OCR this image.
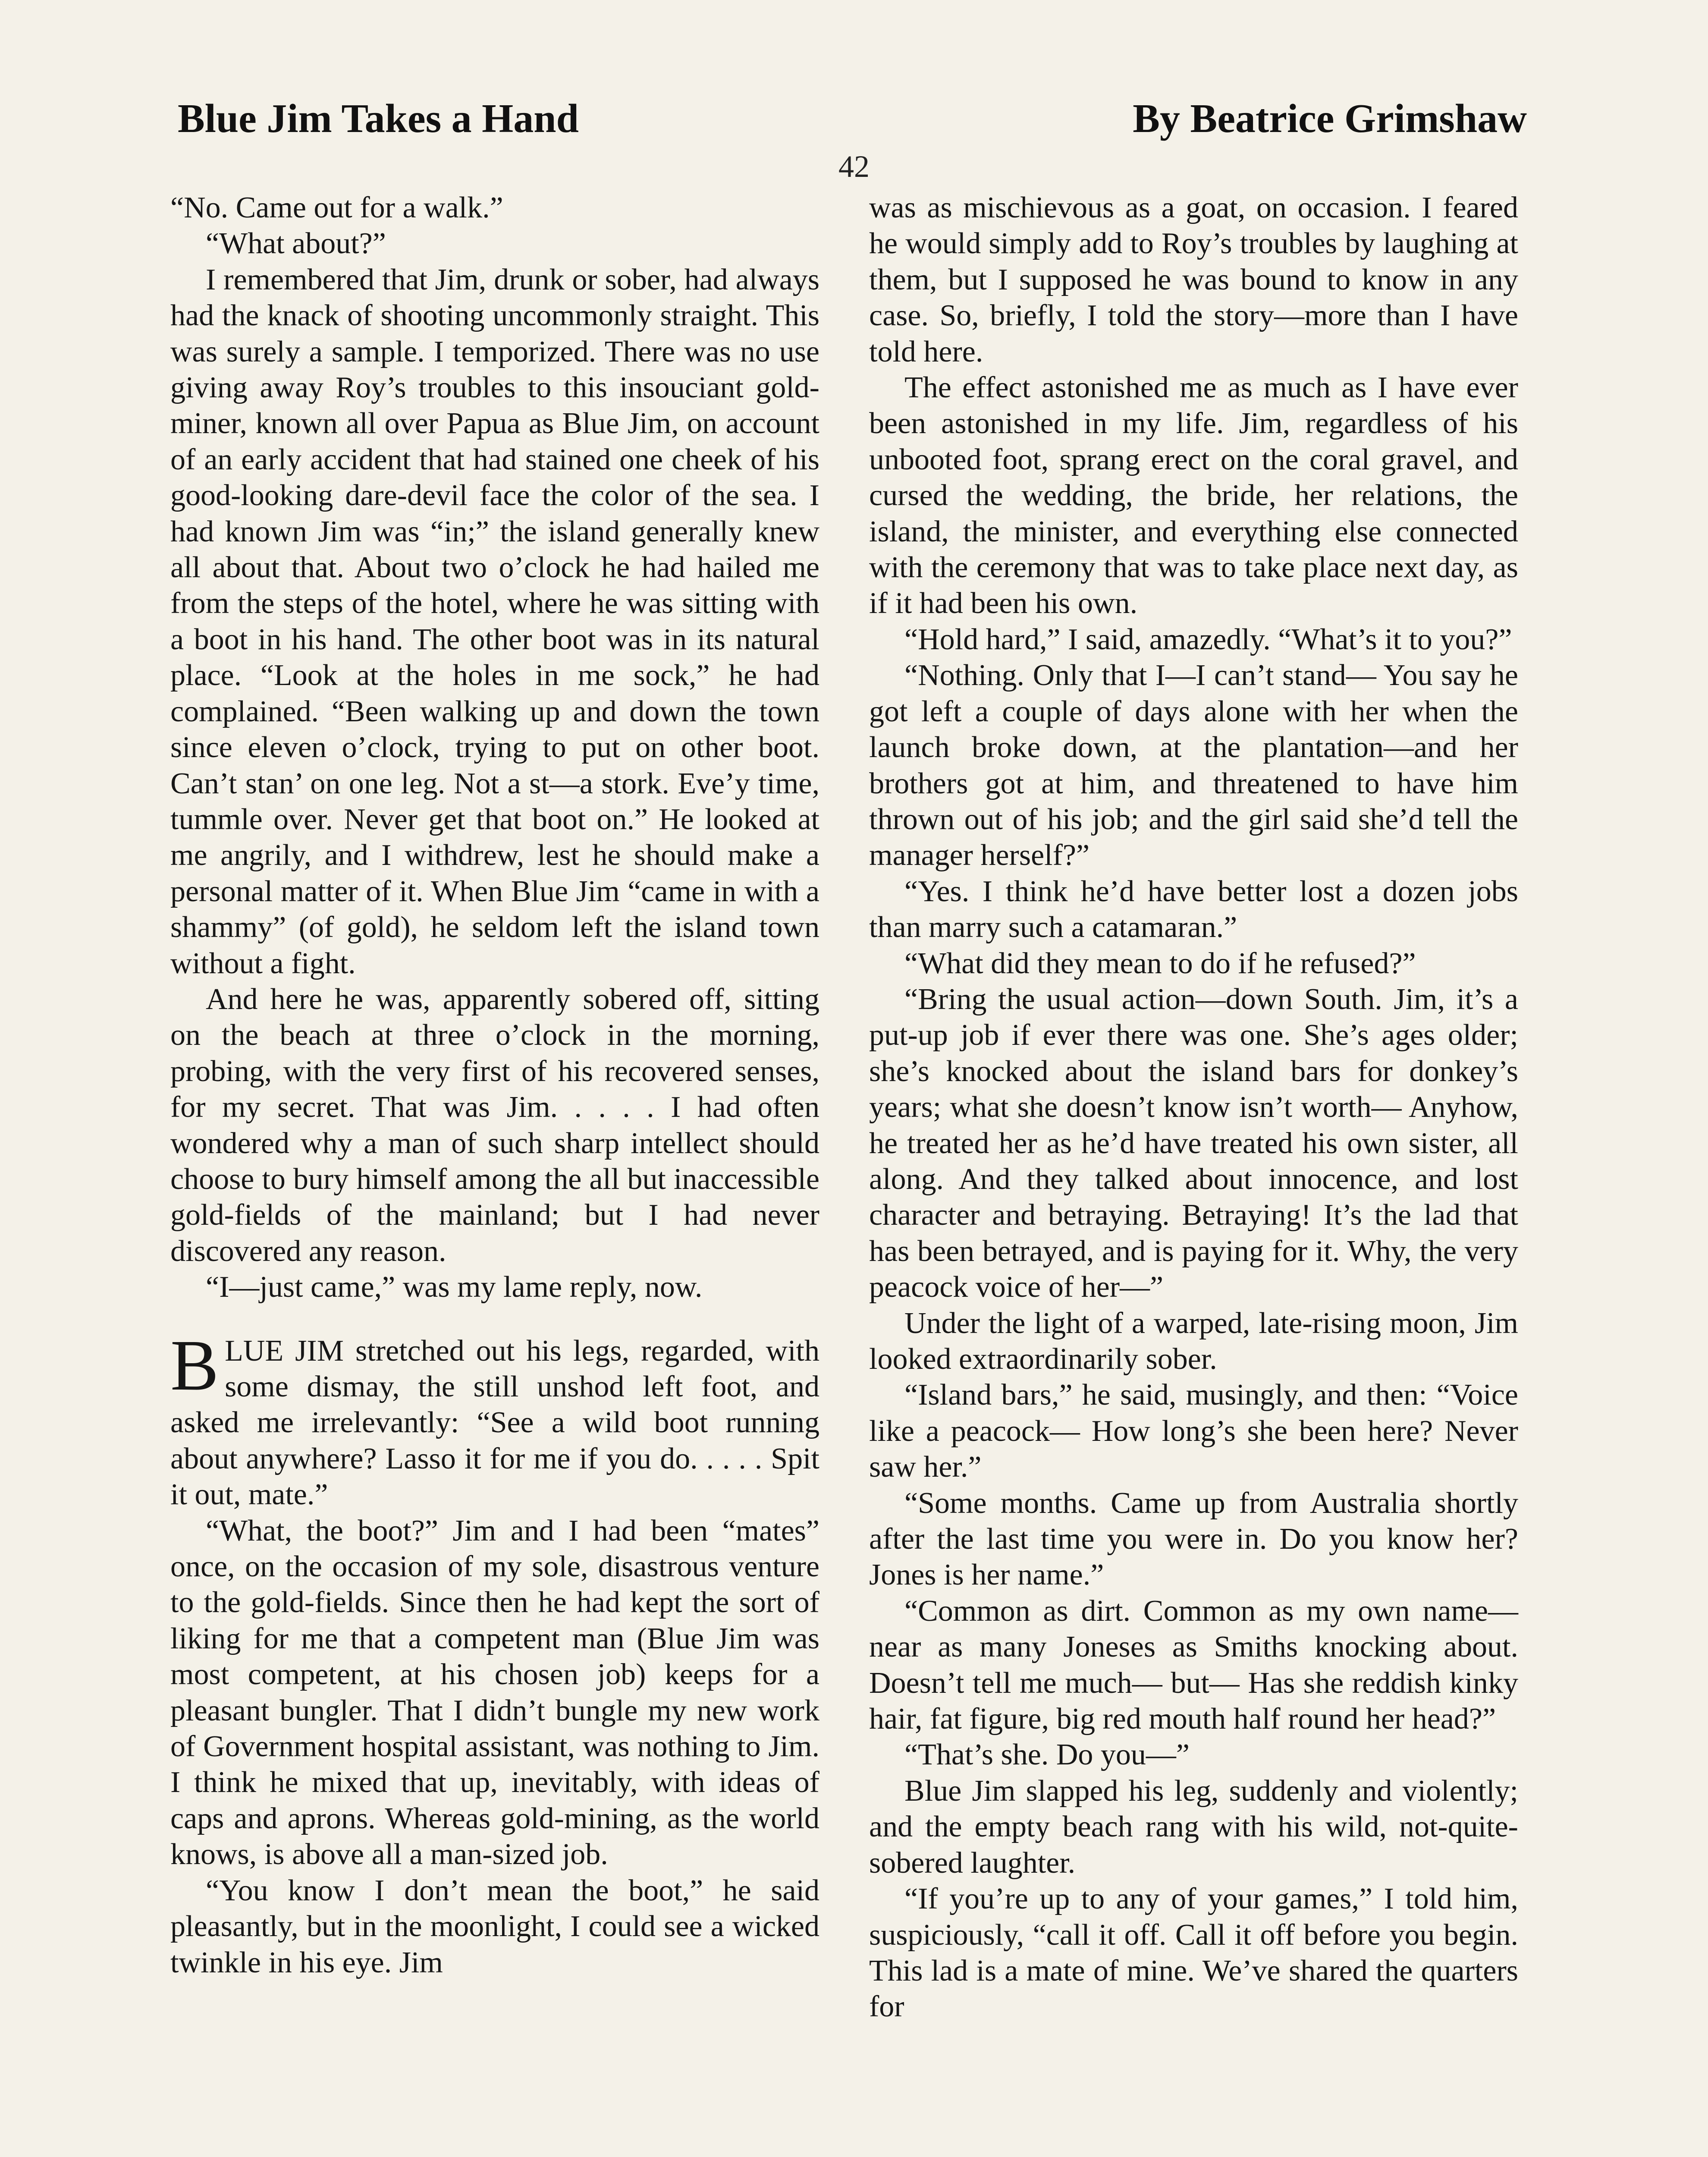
Blue Jim Takes a Hand	By Beatrice Grimshaw
42

“No. Came out for a walk.”

“What about?”

I remembered that Jim, drunk or sober, had always had the knack of shooting uncommonly straight. This was surely a sample. I temporized. There was no use giving away Roy’s troubles to this insouciant gold-miner, known all over Papua as Blue Jim, on account of an early accident that had stained one cheek of his good-looking dare-devil face the color of the sea. I had known Jim was “in;” the island generally knew all about that. About two o’clock he had hailed me from the steps of the hotel, where he was sitting with a boot in his hand. The other boot was in its natural place. “Look at the holes in me sock,” he had complained. “Been walking up and down the town since eleven o’clock, trying to put on other boot. Can’t stan’ on one leg. Not a st—a stork. Eve’y time, tummle over. Never get that boot on.” He looked at me angrily, and I withdrew, lest he should make a personal matter of it. When Blue Jim “came in with a shammy” (of gold), he seldom left the island town without a fight.

And here he was, apparently sobered off, sitting on the beach at three o’clock in the morning, probing, with the very first of his recovered senses, for my secret. That was Jim. . . . . I had often wondered why a man of such sharp intellect should choose to bury himself among the all but inaccessible gold-fields of the mainland; but I had never discovered any reason.

“I—just came,” was my lame reply, now.

BLUE JIM stretched out his legs, regarded, with some dismay, the still unshod left foot, and asked me irrelevantly: “See a wild boot running about anywhere? Lasso it for me if you do. . . . . Spit it out, mate.”

“What, the boot?” Jim and I had been “mates” once, on the occasion of my sole, disastrous venture to the gold-fields. Since then he had kept the sort of liking for me that a competent man (Blue Jim was most competent, at his chosen job) keeps for a pleasant bungler. That I didn’t bungle my new work of Government hospital assistant, was nothing to Jim. I think he mixed that up, inevitably, with ideas of caps and aprons. Whereas gold-mining, as the world knows, is above all a man-sized job.

“You know I don’t mean the boot,” he said pleasantly, but in the moonlight, I could see a wicked twinkle in his eye. Jim

was as mischievous as a goat, on occasion. I feared he would simply add to Roy’s troubles by laughing at them, but I supposed he was bound to know in any case. So, briefly, I told the story—more than I have told here.

The effect astonished me as much as I have ever been astonished in my life. Jim, regardless of his unbooted foot, sprang erect on the coral gravel, and cursed the wedding, the bride, her relations, the island, the minister, and everything else connected with the ceremony that was to take place next day, as if it had been his own.

“Hold hard,” I said, amazedly. “What’s it to you?”

“Nothing. Only that I—I can’t stand— You say he got left a couple of days alone with her when the launch broke down, at the plantation—and her brothers got at him, and threatened to have him thrown out of his job; and the girl said she’d tell the manager herself?”

“Yes. I think he’d have better lost a dozen jobs than marry such a catamaran.”

“What did they mean to do if he refused?”

“Bring the usual action—down South. Jim, it’s a put-up job if ever there was one. She’s ages older; she’s knocked about the island bars for donkey’s years; what she doesn’t know isn’t worth— Anyhow, he treated her as he’d have treated his own sister, all along. And they talked about innocence, and lost character and betraying. Betraying! It’s the lad that has been betrayed, and is paying for it. Why, the very peacock voice of her—”

Under the light of a warped, late-rising moon, Jim looked extraordinarily sober.

“Island bars,” he said, musingly, and then: “Voice like a peacock— How long’s she been here? Never saw her.”

“Some months. Came up from Australia shortly after the last time you were in. Do you know her? Jones is her name.”

“Common as dirt. Common as my own name—near as many Joneses as Smiths knocking about. Doesn’t tell me much— but— Has she reddish kinky hair, fat figure, big red mouth half round her head?”

“That’s she. Do you—”

Blue Jim slapped his leg, suddenly and violently; and the empty beach rang with his wild, not-quite-sobered laughter.

“If you’re up to any of your games,” I told him, suspiciously, “call it off. Call it off before you begin. This lad is a mate of mine. We’ve shared the quarters for
